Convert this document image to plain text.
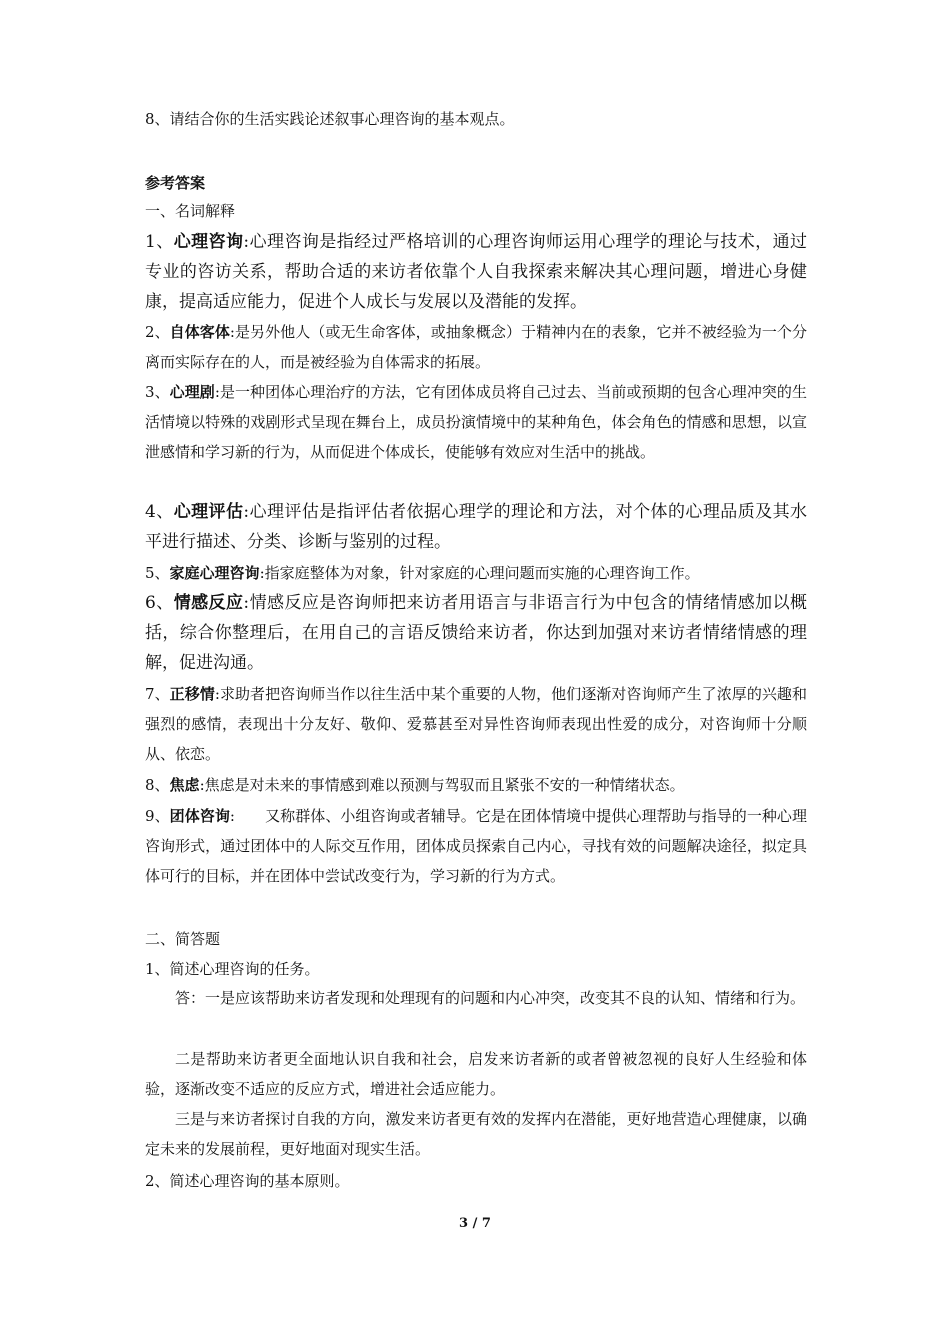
8、请结合你的生活实践论述叙事心理咨询的基本观点。
参考答案
一、名词解释
1、心理咨询:心理咨询是指经过严格培训的心理咨询师运用心理学的理论与技术，通过专业的咨访关系，帮助合适的来访者依靠个人自我探索来解决其心理问题，增进心身健康，提高适应能力，促进个人成长与发展以及潜能的发挥。
2、自体客体:是另外他人（或无生命客体，或抽象概念）于精神内在的表象，它并不被经验为一个分离而实际存在的人，而是被经验为自体需求的拓展。
3、心理剧:是一种团体心理治疗的方法，它有团体成员将自己过去、当前或预期的包含心理冲突的生活情境以特殊的戏剧形式呈现在舞台上，成员扮演情境中的某种角色，体会角色的情感和思想，以宣泄感情和学习新的行为，从而促进个体成长，使能够有效应对生活中的挑战。
4、心理评估:心理评估是指评估者依据心理学的理论和方法，对个体的心理品质及其水平进行描述、分类、诊断与鉴别的过程。
5、家庭心理咨询:指家庭整体为对象，针对家庭的心理问题而实施的心理咨询工作。
6、情感反应:情感反应是咨询师把来访者用语言与非语言行为中包含的情绪情感加以概括，综合你整理后，在用自己的言语反馈给来访者，你达到加强对来访者情绪情感的理解，促进沟通。
7、正移情:求助者把咨询师当作以往生活中某个重要的人物，他们逐渐对咨询师产生了浓厚的兴趣和强烈的感情，表现出十分友好、敬仰、爱慕甚至对异性咨询师表现出性爱的成分，对咨询师十分顺从、依恋。
8、焦虑:焦虑是对未来的事情感到难以预测与驾驭而且紧张不安的一种情绪状态。
9、团体咨询:　　又称群体、小组咨询或者辅导。它是在团体情境中提供心理帮助与指导的一种心理咨询形式，通过团体中的人际交互作用，团体成员探索自己内心，寻找有效的问题解决途径，拟定具体可行的目标，并在团体中尝试改变行为，学习新的行为方式。
二、简答题
1、简述心理咨询的任务。
答：一是应该帮助来访者发现和处理现有的问题和内心冲突，改变其不良的认知、情绪和行为。
二是帮助来访者更全面地认识自我和社会，启发来访者新的或者曾被忽视的良好人生经验和体验，逐渐改变不适应的反应方式，增进社会适应能力。
三是与来访者探讨自我的方向，激发来访者更有效的发挥内在潜能，更好地营造心理健康，以确定未来的发展前程，更好地面对现实生活。
2、简述心理咨询的基本原则。
3 / 7
